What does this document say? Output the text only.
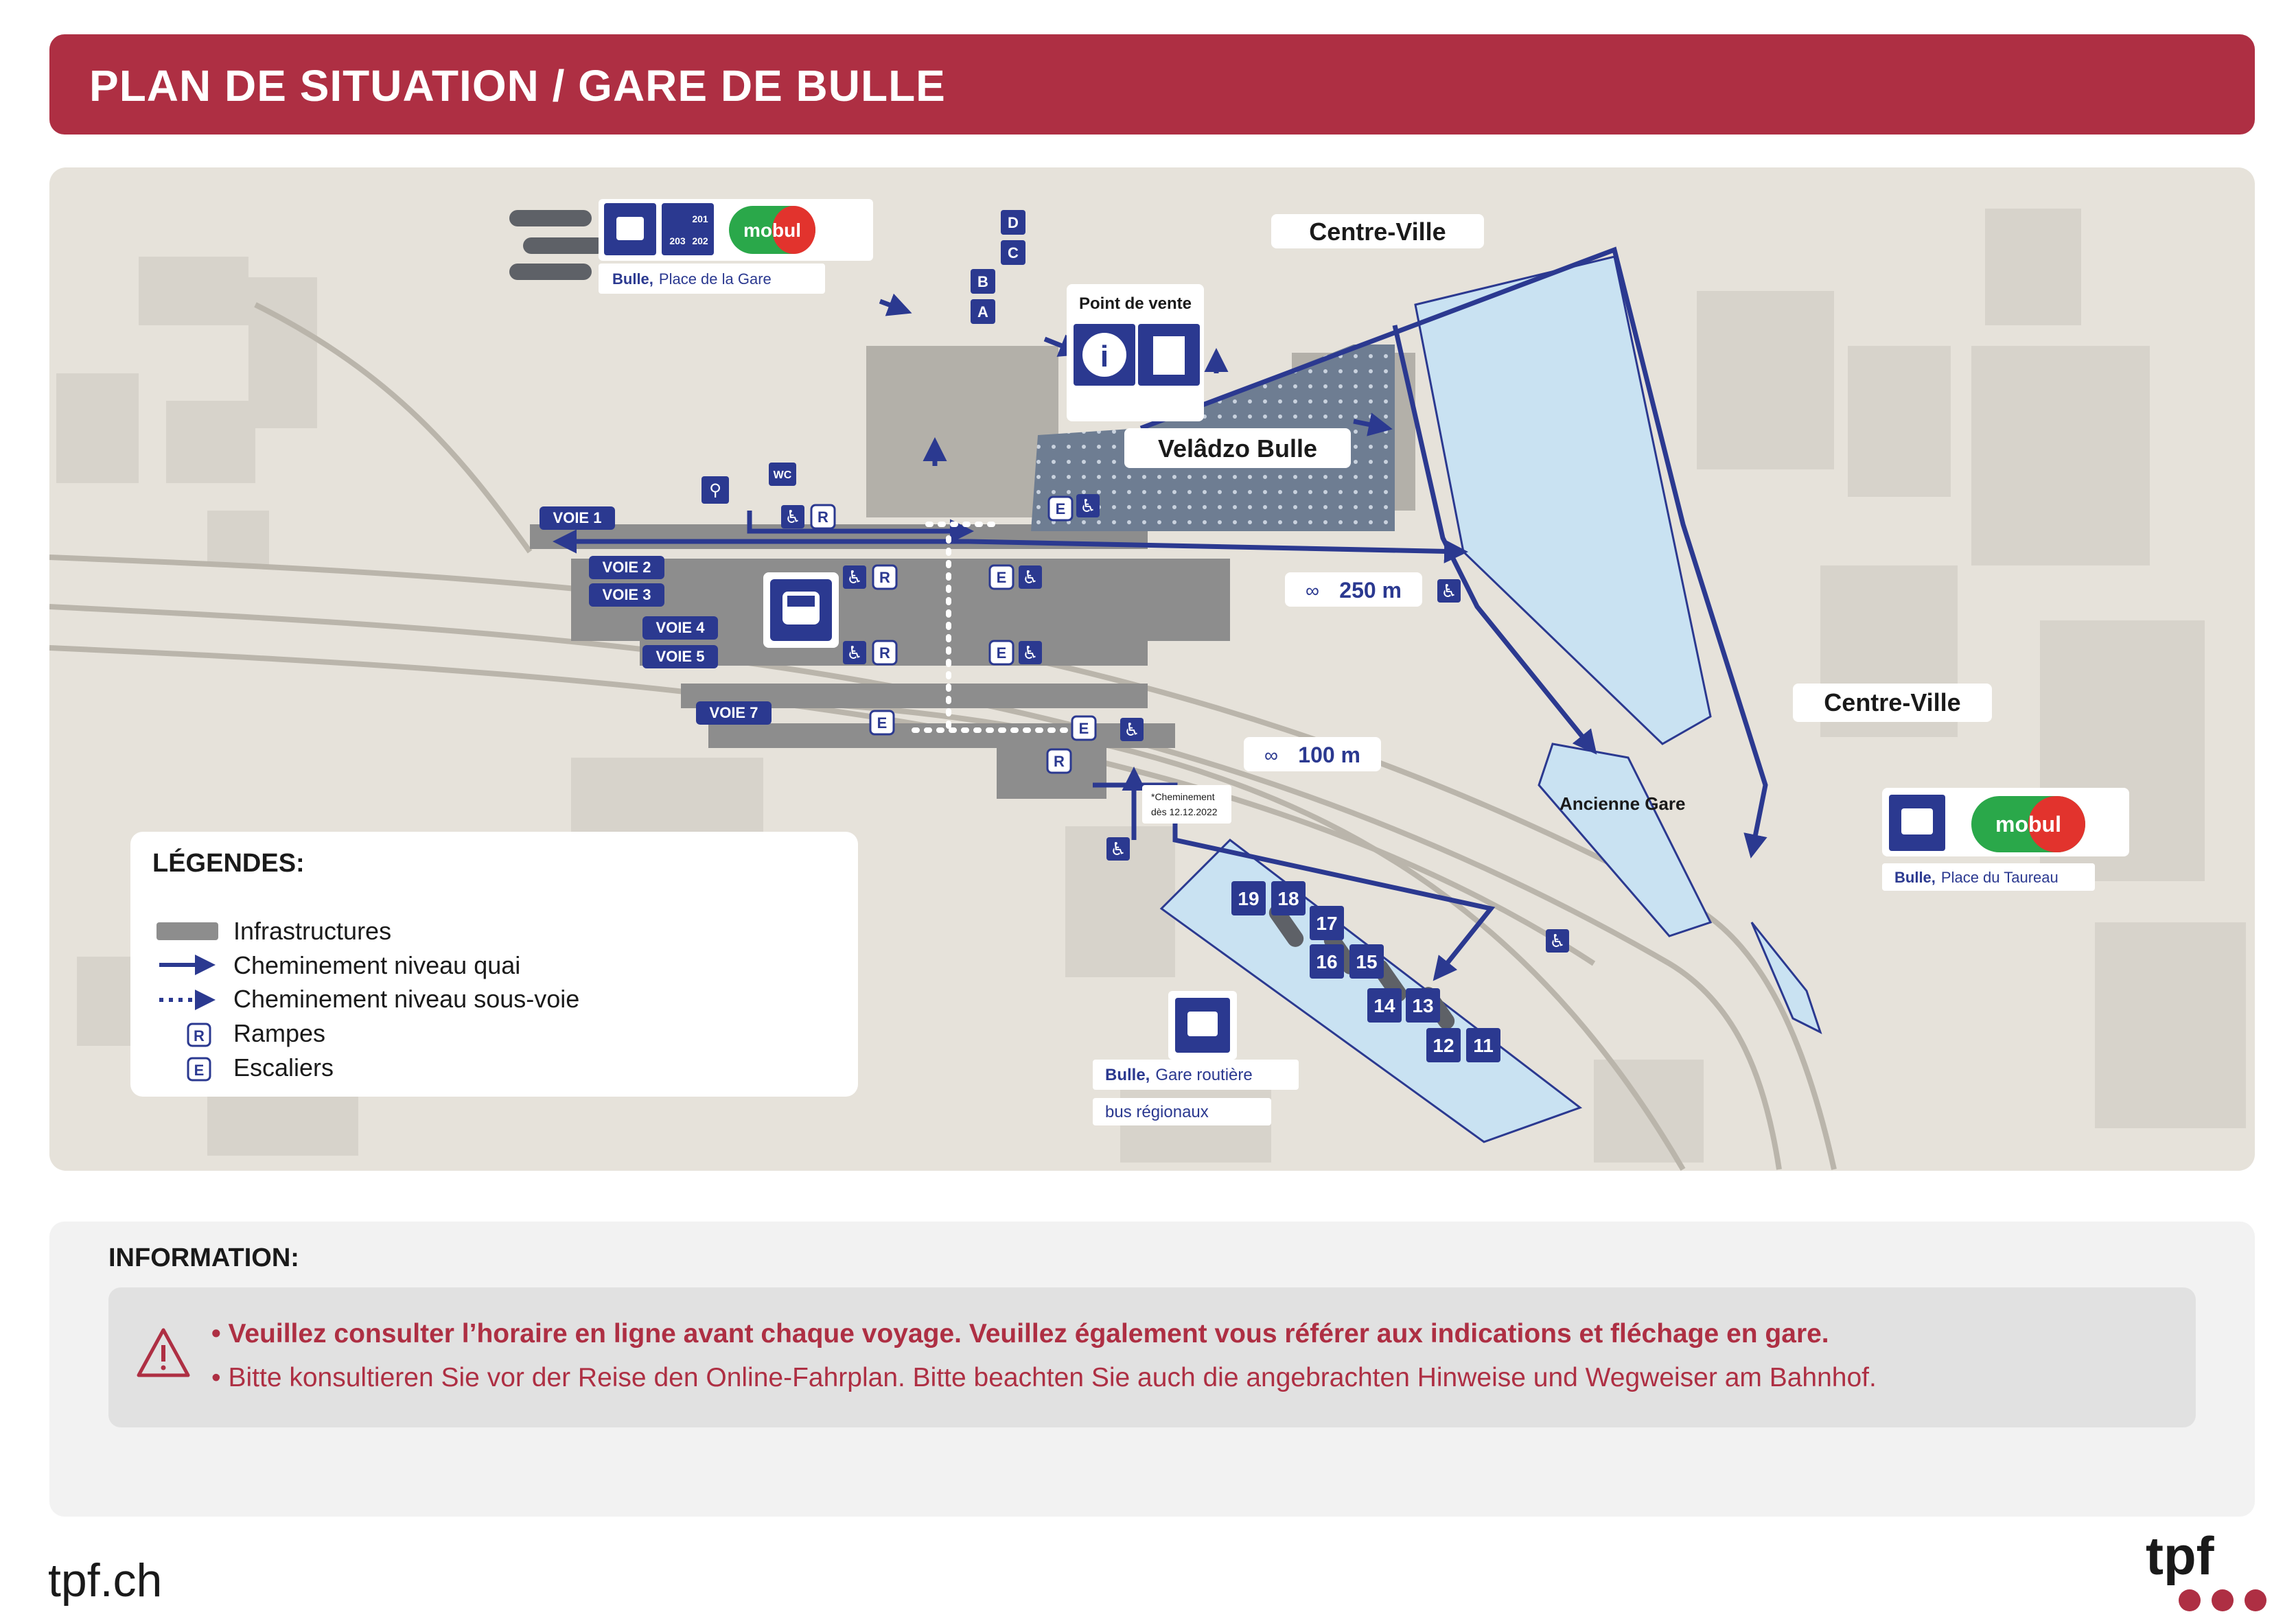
PLAN DE SITUATION / GARE DE BULLE
VOIE 1
VOIE 2
VOIE 3
VOIE 4
VOIE 5
VOIE 7
R
R
R
E
E
E
E	E
R
♿
♿
♿
♿
♿
♿
♿
♿
♿
♿
WC
⚲
D
C
B
A
19 18
17
16 15
14 13
12 11
201
203 202 mobul
Bulle, Place de la Gare
Point de vente
i
Centre-Ville
Velâdzo Bulle
Centre-Ville
Ancienne Gare
∞ 250 m
∞ 100 m
*Cheminement
dès 12.12.2022
Bulle, Gare routière
bus régionaux
mobul
Bulle, Place du Taureau
LÉGENDES:
Infrastructures
Cheminement niveau quai
Cheminement niveau sous-voie
R Rampes
E Escaliers
INFORMATION:

• Veuillez consulter l’horaire en ligne avant chaque voyage. Veuillez également vous référer aux indications et fléchage en gare.

• Bitte konsultieren Sie vor der Reise den Online-Fahrplan. Bitte beachten Sie auch die angebrachten Hinweise und Wegweiser am Bahnhof.

tpf.ch	tpf
